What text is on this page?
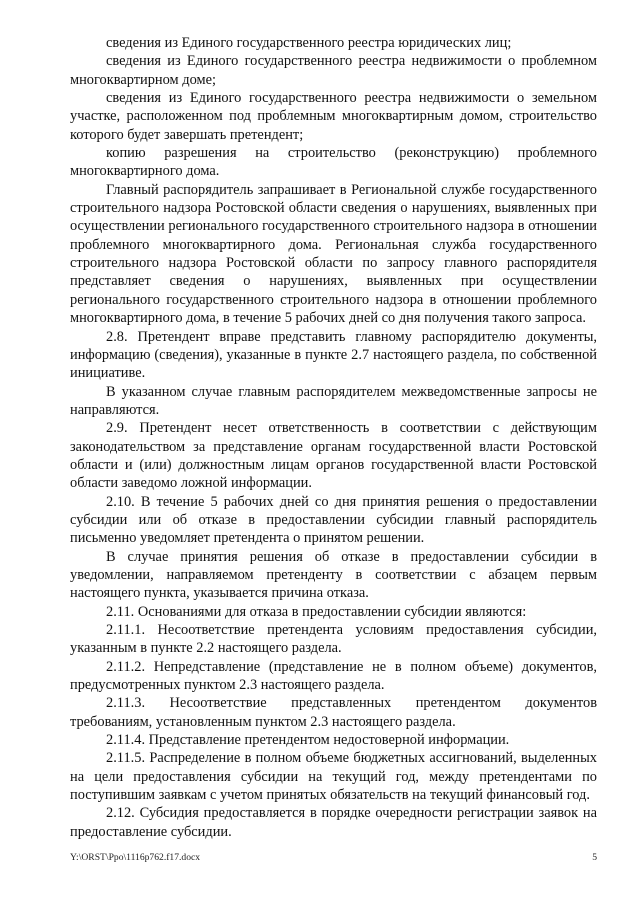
сведения из Единого государственного реестра юридических лиц;

сведения из Единого государственного реестра недвижимости о проблемном многоквартирном доме;

сведения из Единого государственного реестра недвижимости о земельном участке, расположенном под проблемным многоквартирным домом, строительство которого будет завершать претендент;

копию разрешения на строительство (реконструкцию) проблемного многоквартирного дома.

Главный распорядитель запрашивает в Региональной службе государственного строительного надзора Ростовской области сведения о нарушениях, выявленных при осуществлении регионального государственного строительного надзора в отношении проблемного многоквартирного дома. Региональная служба государственного строительного надзора Ростовской области по запросу главного распорядителя представляет сведения о нарушениях, выявленных при осуществлении регионального государственного строительного надзора в отношении проблемного многоквартирного дома, в течение 5 рабочих дней со дня получения такого запроса.

2.8. Претендент вправе представить главному распорядителю документы, информацию (сведения), указанные в пункте 2.7 настоящего раздела, по собственной инициативе.

В указанном случае главным распорядителем межведомственные запросы не направляются.

2.9. Претендент несет ответственность в соответствии с действующим законодательством за представление органам государственной власти Ростовской области и (или) должностным лицам органов государственной власти Ростовской области заведомо ложной информации.

2.10. В течение 5 рабочих дней со дня принятия решения о предоставлении субсидии или об отказе в предоставлении субсидии главный распорядитель письменно уведомляет претендента о принятом решении.

В случае принятия решения об отказе в предоставлении субсидии в уведомлении, направляемом претенденту в соответствии с абзацем первым настоящего пункта, указывается причина отказа.

2.11. Основаниями для отказа в предоставлении субсидии являются:

2.11.1. Несоответствие претендента условиям предоставления субсидии, указанным в пункте 2.2 настоящего раздела.

2.11.2. Непредставление (представление не в полном объеме) документов, предусмотренных пунктом 2.3 настоящего раздела.

2.11.3. Несоответствие представленных претендентом документов требованиям, установленным пунктом 2.3 настоящего раздела.

2.11.4. Представление претендентом недостоверной информации.

2.11.5. Распределение в полном объеме бюджетных ассигнований, выделенных на цели предоставления субсидии на текущий год, между претендентами по поступившим заявкам с учетом принятых обязательств на текущий финансовый год.

2.12. Субсидия предоставляется в порядке очередности регистрации заявок на предоставление субсидии.

Y:\ORST\Ppo\1116p762.f17.docx	5
